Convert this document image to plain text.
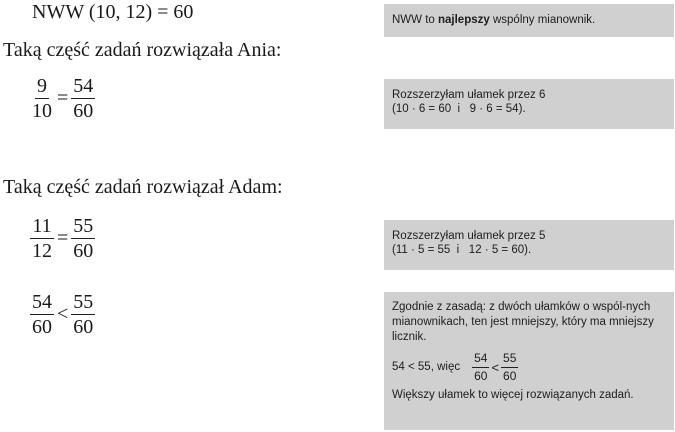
NWW (10, 12) = 60
Taką część zadań rozwiązała Ania:
$\frac{9}{10} = \frac{54}{60}$
Taką część zadań rozwiązał Adam:
$\frac{11}{12} = \frac{55}{60}$
$\frac{54}{60} < \frac{55}{60}$
NWW to najlepszy wspólny mianownik.
Rozszerzyłam ułamek przez 6
(10 · 6 = 60  i   9 · 6 = 54).
Rozszerzyłam ułamek przez 5
(11 · 5 = 55  i   12 · 5 = 60).
Zgodnie z zasadą: z dwóch ułamków o wspól-nych mianownikach, ten jest mniejszy, który ma mniejszy licznik.
54 < 55, więc $\frac{54}{60} < \frac{55}{60}$
Większy ułamek to więcej rozwiązanych zadań.
